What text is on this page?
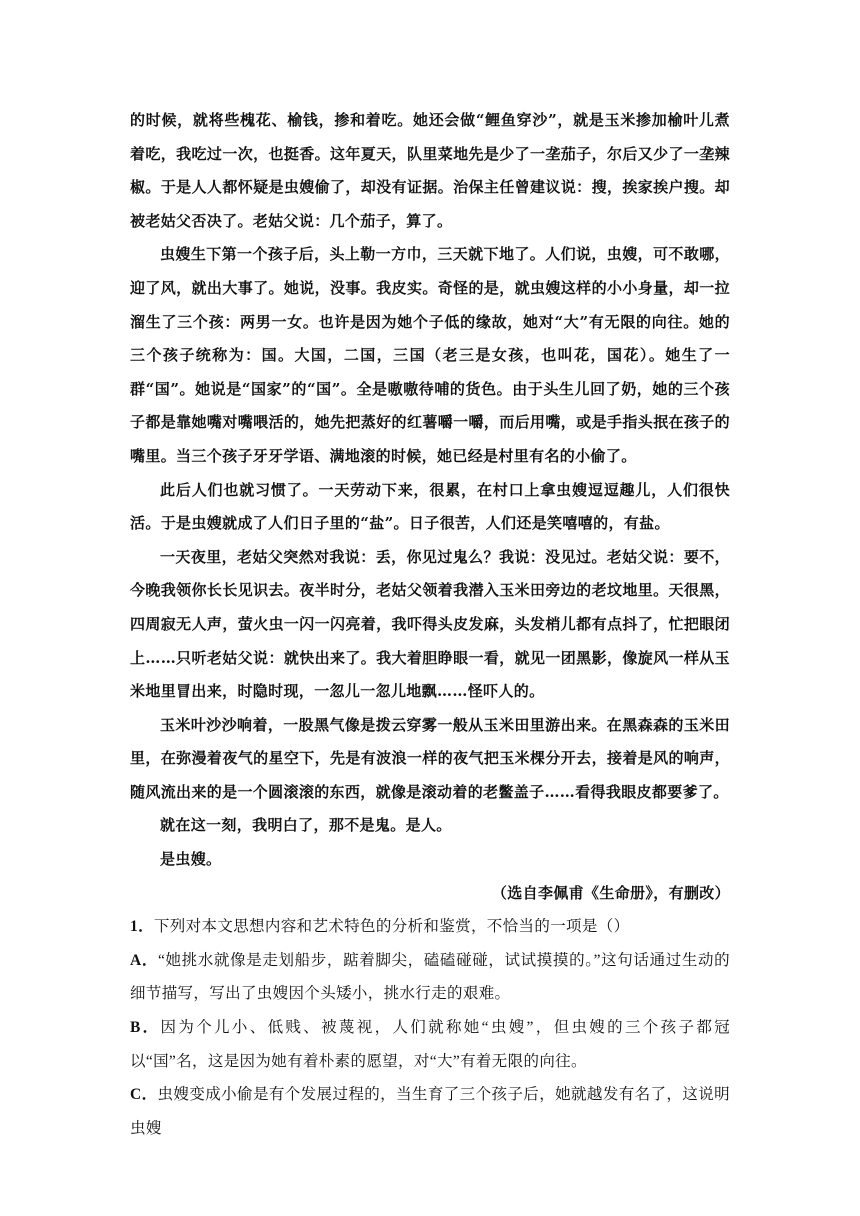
的时候，就将些槐花、榆钱，掺和着吃。她还会做“鲤鱼穿沙”，就是玉米掺加榆叶儿煮着吃，我吃过一次，也挺香。这年夏天，队里菜地先是少了一垄茄子，尔后又少了一垄辣椒。于是人人都怀疑是虫嫂偷了，却没有证据。治保主任曾建议说：搜，挨家挨户搜。却被老姑父否决了。老姑父说：几个茄子，算了。

虫嫂生下第一个孩子后，头上勒一方巾，三天就下地了。人们说，虫嫂，可不敢哪，迎了风，就出大事了。她说，没事。我皮实。奇怪的是，就虫嫂这样的小小身量，却一拉溜生了三个孩：两男一女。也许是因为她个子低的缘故，她对“大”有无限的向往。她的三个孩子统称为：国。大国，二国，三国（老三是女孩，也叫花，国花）。她生了一群“国”。她说是“国家”的“国”。全是嗷嗷待哺的货色。由于头生儿回了奶，她的三个孩子都是靠她嘴对嘴喂活的，她先把蒸好的红薯嚼一嚼，而后用嘴，或是手指头抿在孩子的嘴里。当三个孩子牙牙学语、满地滚的时候，她已经是村里有名的小偷了。

此后人们也就习惯了。一天劳动下来，很累，在村口上拿虫嫂逗逗趣儿，人们很快活。于是虫嫂就成了人们日子里的“盐”。日子很苦，人们还是笑嘻嘻的，有盐。

一天夜里，老姑父突然对我说：丢，你见过鬼么？我说：没见过。老姑父说：要不，今晚我领你长长见识去。夜半时分，老姑父领着我潜入玉米田旁边的老坟地里。天很黑，四周寂无人声，萤火虫一闪一闪亮着，我吓得头皮发麻，头发梢儿都有点抖了，忙把眼闭上……只听老姑父说：就快出来了。我大着胆睁眼一看，就见一团黑影，像旋风一样从玉米地里冒出来，时隐时现，一忽儿一忽儿地飘……怪吓人的。

玉米叶沙沙响着，一股黑气像是拨云穿雾一般从玉米田里游出来。在黑森森的玉米田里，在弥漫着夜气的星空下，先是有波浪一样的夜气把玉米棵分开去，接着是风的响声，随风流出来的是一个圆滚滚的东西，就像是滚动着的老鳖盖子……看得我眼皮都要爹了。

就在这一刻，我明白了，那不是鬼。是人。

是虫嫂。

（选自李佩甫《生命册》，有删改）

1．下列对本文思想内容和艺术特色的分析和鉴赏，不恰当的一项是（）

A．“她挑水就像是走划船步，踮着脚尖，磕磕碰碰，试试摸摸的。”这句话通过生动的细节描写，写出了虫嫂因个头矮小，挑水行走的艰难。

B．因为个儿小、低贱、被蔑视，人们就称她“虫嫂”，但虫嫂的三个孩子都冠以“国”名，这是因为她有着朴素的愿望，对“大”有着无限的向往。

C．虫嫂变成小偷是有个发展过程的，当生育了三个孩子后，她就越发有名了，这说明虫嫂
